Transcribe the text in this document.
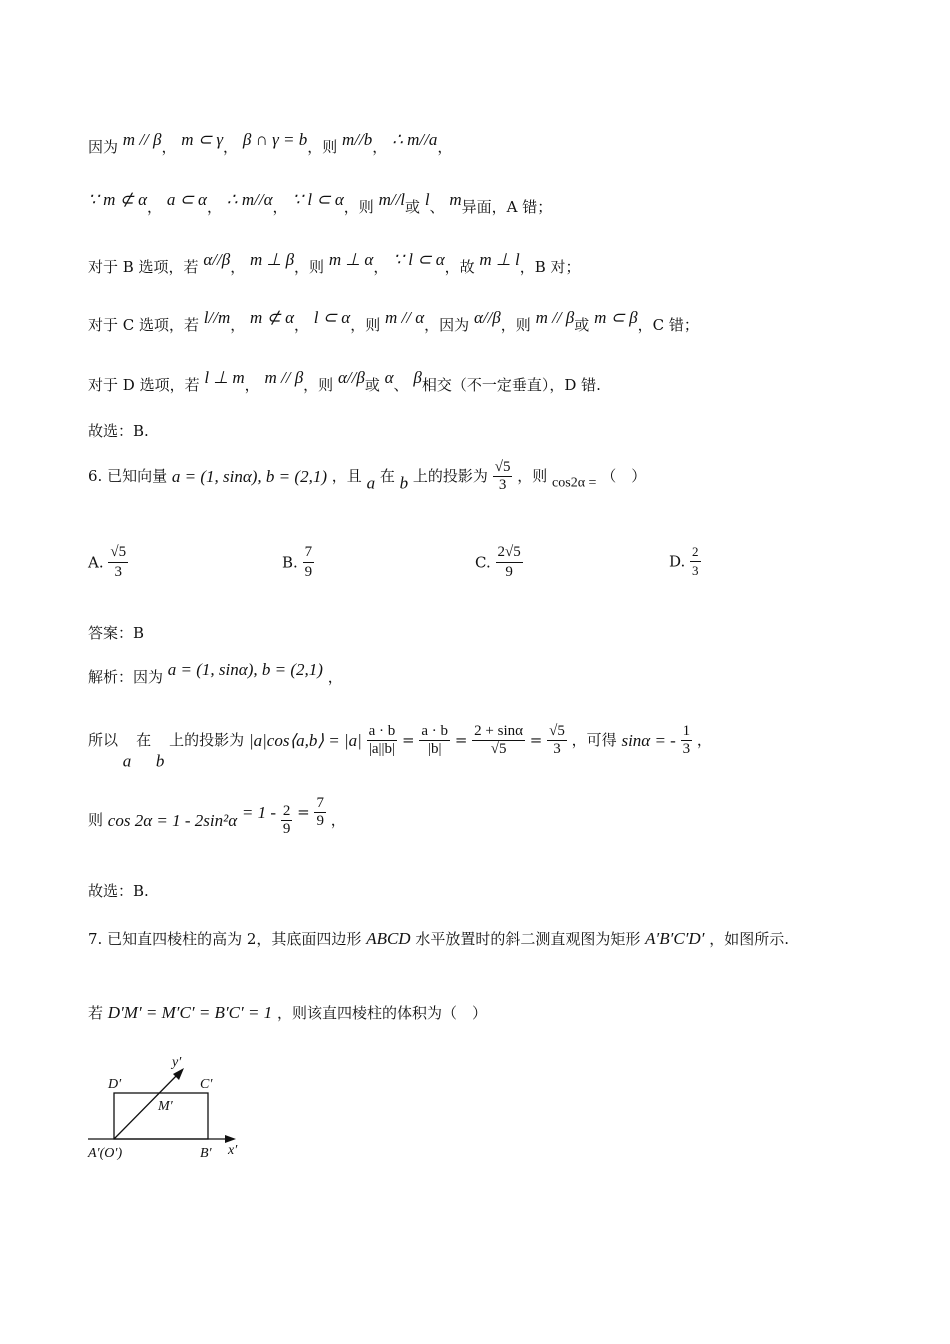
因为 m // β， m ⊂ γ， β ∩ γ = b，则 m//b， ∴ m//a，
∵ m ⊄ α， a ⊂ α， ∴ m//α， ∵ l ⊂ α，则 m//l或 l、 m异面，A 错；
对于 B 选项，若 α//β， m ⊥ β，则 m ⊥ α， ∵ l ⊂ α，故 m ⊥ l，B 对；
对于 C 选项，若 l//m， m ⊄ α， l ⊂ α，则 m // α，因为 α//β，则 m // β或 m ⊂ β，C 错；
对于 D 选项，若 l ⊥ m， m // β，则 α//β或 α、 β相交（不一定垂直），D 错.
故选：B.
6. 已知向量 a = (1, sinα), b = (2,1) ，且 a 在 b 上的投影为 $\frac{√5}{3}$ ，则 cos2α = （　）
A. $\frac{√5}{3}$	B. $\frac{7}{9}$	C. $\frac{2√5}{9}$	D. $\frac{2}{3}$
答案：B
解析：因为 a = (1, sinα), b = (2,1) ，
所以 a 在 b 上的投影为 |a|cos⟨a,b⟩ = $|a| \frac{a \cdot b}{|a||b|} = \frac{a \cdot b}{|b|} = \frac{2 + \sin\alpha}{√5} = \frac{√5}{3}$ ，可得 sinα = - $\frac{1}{3}$ ，
则 $\cos 2\alpha = 1 - 2\sin^2\alpha = 1 - \frac{2}{9} = \frac{7}{9}$ ，
故选：B.
7. 已知直四棱柱的高为 2，其底面四边形 ABCD 水平放置时的斜二测直观图为矩形 A′B′C′D′ ，如图所示.
若 D′M′ = M′C′ = B′C′ = 1 ，则该直四棱柱的体积为（　）
D′	C′
M′
y′
A′(O′)	B′ x′
